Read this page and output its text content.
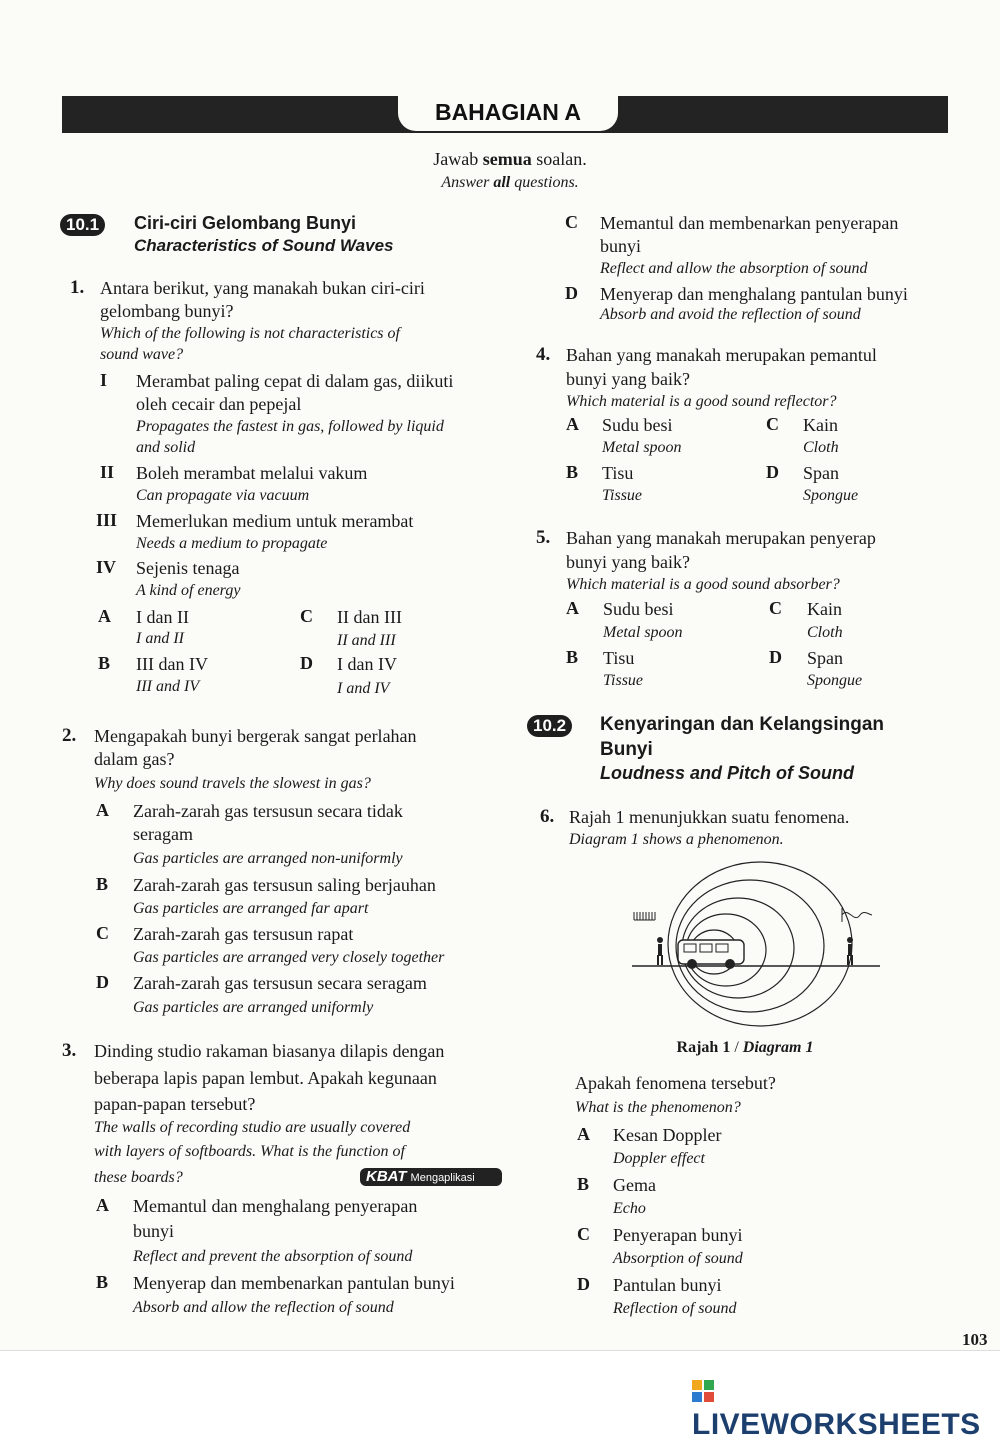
BAHAGIAN A
Jawab semua soalan.
Answer all questions.
10.1	Ciri-ciri Gelombang Bunyi
Characteristics of Sound Waves
1. Antara berikut, yang manakah bukan ciri-ciri
gelombang bunyi?
Which of the following is not characteristics of
sound wave?
I Merambat paling cepat di dalam gas, diikuti
oleh cecair dan pepejal
Propagates the fastest in gas, followed by liquid
and solid
II Boleh merambat melalui vakum
Can propagate via vacuum
III Memerlukan medium untuk merambat
Needs a medium to propagate
IV Sejenis tenaga
A kind of energy
A I dan II
I and II
B III dan IV
III and IV
C II dan III
II and III
D I dan IV
I and IV
2. Mengapakah bunyi bergerak sangat perlahan
dalam gas?
Why does sound travels the slowest in gas?
A Zarah-zarah gas tersusun secara tidak
seragam
Gas particles are arranged non-uniformly
B Zarah-zarah gas tersusun saling berjauhan
Gas particles are arranged far apart
C Zarah-zarah gas tersusun rapat
Gas particles are arranged very closely together
D Zarah-zarah gas tersusun secara seragam
Gas particles are arranged uniformly
3. Dinding studio rakaman biasanya dilapis dengan
beberapa lapis papan lembut. Apakah kegunaan
papan-papan tersebut?
The walls of recording studio are usually covered
with layers of softboards. What is the function of
these boards?	KBAT Mengaplikasi
A Memantul dan menghalang penyerapan
bunyi
Reflect and prevent the absorption of sound
B Menyerap dan membenarkan pantulan bunyi
Absorb and allow the reflection of sound
C Memantul dan membenarkan penyerapan
bunyi
Reflect and allow the absorption of sound
D Menyerap dan menghalang pantulan bunyi
Absorb and avoid the reflection of sound
4. Bahan yang manakah merupakan pemantul
bunyi yang baik?
Which material is a good sound reflector?
A Sudu besi
Metal spoon
B Tisu
Tissue
C Kain
Cloth
D Span
Spongue
5. Bahan yang manakah merupakan penyerap
bunyi yang baik?
Which material is a good sound absorber?
A Sudu besi
Metal spoon
B Tisu
Tissue
C Kain
Cloth
D Span
Spongue
10.2	Kenyaringan dan Kelangsingan
Bunyi
Loudness and Pitch of Sound
6. Rajah 1 menunjukkan suatu fenomena.
Diagram 1 shows a phenomenon.
Rajah 1 / Diagram 1
Apakah fenomena tersebut?
What is the phenomenon?
A Kesan Doppler
Doppler effect
B Gema
Echo
C Penyerapan bunyi
Absorption of sound
D Pantulan bunyi
Reflection of sound
103
LIVEWORKSHEETS
